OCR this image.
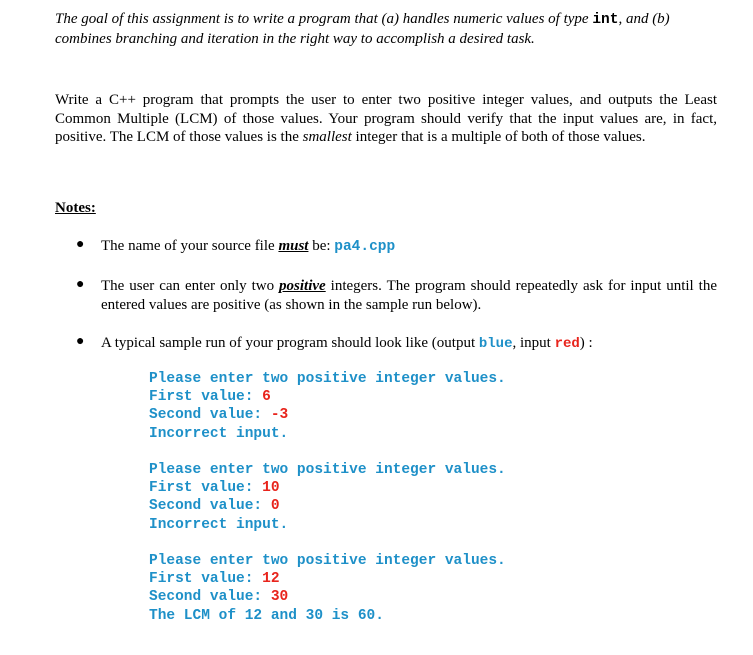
The goal of this assignment is to write a program that (a) handles numeric values of type int, and (b) combines branching and iteration in the right way to accomplish a desired task.
Write a C++ program that prompts the user to enter two positive integer values, and outputs the Least Common Multiple (LCM) of those values. Your program should verify that the input values are, in fact, positive. The LCM of those values is the smallest integer that is a multiple of both of those values.
Notes:
● The name of your source file must be: pa4.cpp
● The user can enter only two positive integers. The program should repeatedly ask for input until the entered values are positive (as shown in the sample run below).
● A typical sample run of your program should look like (output blue, input red) :
Please enter two positive integer values.
First value: 6
Second value: -3
Incorrect input.
Please enter two positive integer values.
First value: 10
Second value: 0
Incorrect input.
Please enter two positive integer values.
First value: 12
Second value: 30
The LCM of 12 and 30 is 60.
